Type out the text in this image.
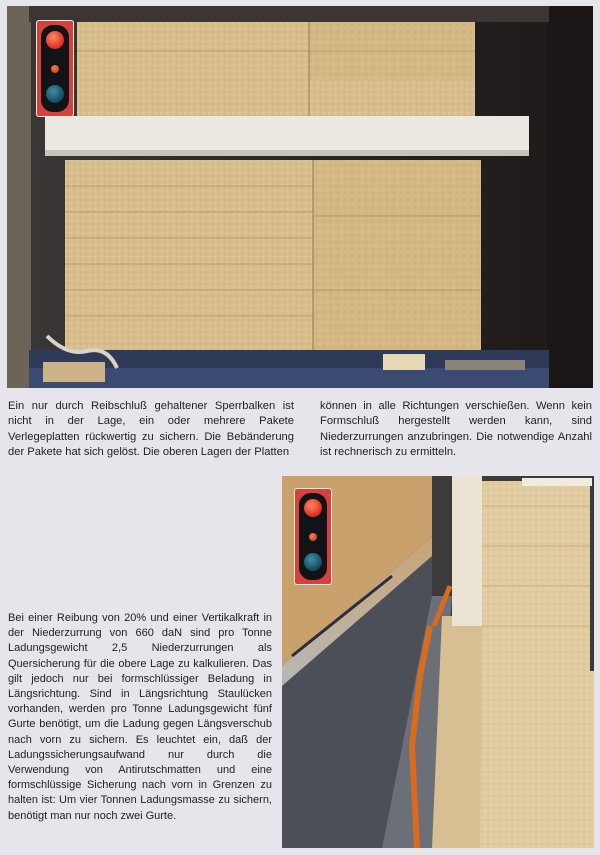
Ein nur durch Reibschluß gehaltener Sperrbalken ist nicht in der Lage, ein oder mehrere Pakete Verlegeplatten rückwertig zu sichern. Die Bebänderung der Pakete hat sich gelöst. Die oberen Lagen der Platten

können in alle Richtungen verschießen. Wenn kein Formschluß hergestellt werden kann, sind Niederzurrungen anzubringen. Die notwendige Anzahl ist rechnerisch zu ermitteln.

Bei einer Reibung von 20% und einer Vertikalkraft in der Niederzurrung von 660 daN sind pro Tonne Ladungsgewicht 2,5 Niederzurrungen als Quersicherung für die obere Lage zu kalkulieren. Das gilt jedoch nur bei formschlüssiger Beladung in Längsrichtung. Sind in Längsrichtung Staulücken vorhanden, werden pro Tonne Ladungsgewicht fünf Gurte benötigt, um die Ladung gegen Längsverschub nach vorn zu sichern. Es leuchtet ein, daß der Ladungssicherungsaufwand nur durch die Verwendung von Antirutschmatten und eine formschlüssige Sicherung nach vorn in Grenzen zu halten ist: Um vier Tonnen Ladungsmasse zu sichern, benötigt man nur noch zwei Gurte.
